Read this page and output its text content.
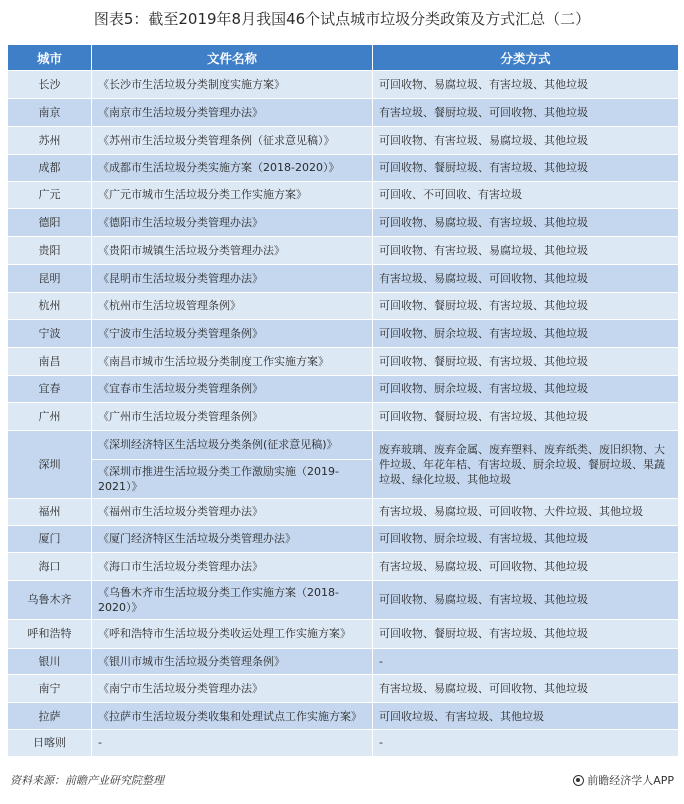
图表5：截至2019年8月我国46个试点城市垃圾分类政策及方式汇总（二）
城市	文件名称	分类方式
长沙	《长沙市生活垃圾分类制度实施方案》	可回收物、易腐垃圾、有害垃圾、其他垃圾
南京	《南京市生活垃圾分类管理办法》	有害垃圾、餐厨垃圾、可回收物、其他垃圾
苏州	《苏州市生活垃圾分类管理条例（征求意见稿）》	可回收物、有害垃圾、易腐垃圾、其他垃圾
成都	《成都市生活垃圾分类实施方案（2018-2020）》	可回收物、餐厨垃圾、有害垃圾、其他垃圾
广元	《广元市城市生活垃圾分类工作实施方案》	可回收、不可回收、有害垃圾
德阳	《德阳市生活垃圾分类管理办法》	可回收物、易腐垃圾、有害垃圾、其他垃圾
贵阳	《贵阳市城镇生活垃圾分类管理办法》	可回收物、有害垃圾、易腐垃圾、其他垃圾
昆明	《昆明市生活垃圾分类管理办法》	有害垃圾、易腐垃圾、可回收物、其他垃圾
杭州	《杭州市生活垃圾管理条例》	可回收物、餐厨垃圾、有害垃圾、其他垃圾
宁波	《宁波市生活垃圾分类管理条例》	可回收物、厨余垃圾、有害垃圾、其他垃圾
南昌	《南昌市城市生活垃圾分类制度工作实施方案》	可回收物、餐厨垃圾、有害垃圾、其他垃圾
宜春	《宜春市生活垃圾分类管理条例》	可回收物、厨余垃圾、有害垃圾、其他垃圾
广州	《广州市生活垃圾分类管理条例》	可回收物、餐厨垃圾、有害垃圾、其他垃圾
深圳	《深圳经济特区生活垃圾分类条例(征求意见稿)》	废弃玻璃、废弃金属、废弃塑料、废弃纸类、废旧织物、大件垃圾、年花年桔、有害垃圾、厨余垃圾、餐厨垃圾、果蔬垃圾、绿化垃圾、其他垃圾
	《深圳市推进生活垃圾分类工作激励实施（2019-2021）》	
福州	《福州市生活垃圾分类管理办法》	有害垃圾、易腐垃圾、可回收物、大件垃圾、其他垃圾
厦门	《厦门经济特区生活垃圾分类管理办法》	可回收物、厨余垃圾、有害垃圾、其他垃圾
海口	《海口市生活垃圾分类管理办法》	有害垃圾、易腐垃圾、可回收物、其他垃圾
乌鲁木齐	《乌鲁木齐市生活垃圾分类工作实施方案（2018-2020）》	可回收物、易腐垃圾、有害垃圾、其他垃圾
呼和浩特	《呼和浩特市生活垃圾分类收运处理工作实施方案》	可回收物、餐厨垃圾、有害垃圾、其他垃圾
银川	《银川市城市生活垃圾分类管理条例》	-
南宁	《南宁市生活垃圾分类管理办法》	有害垃圾、易腐垃圾、可回收物、其他垃圾
拉萨	《拉萨市生活垃圾分类收集和处理试点工作实施方案》	可回收垃圾、有害垃圾、其他垃圾
日喀则	-	-
资料来源：前瞻产业研究院整理	前瞻经济学人APP
